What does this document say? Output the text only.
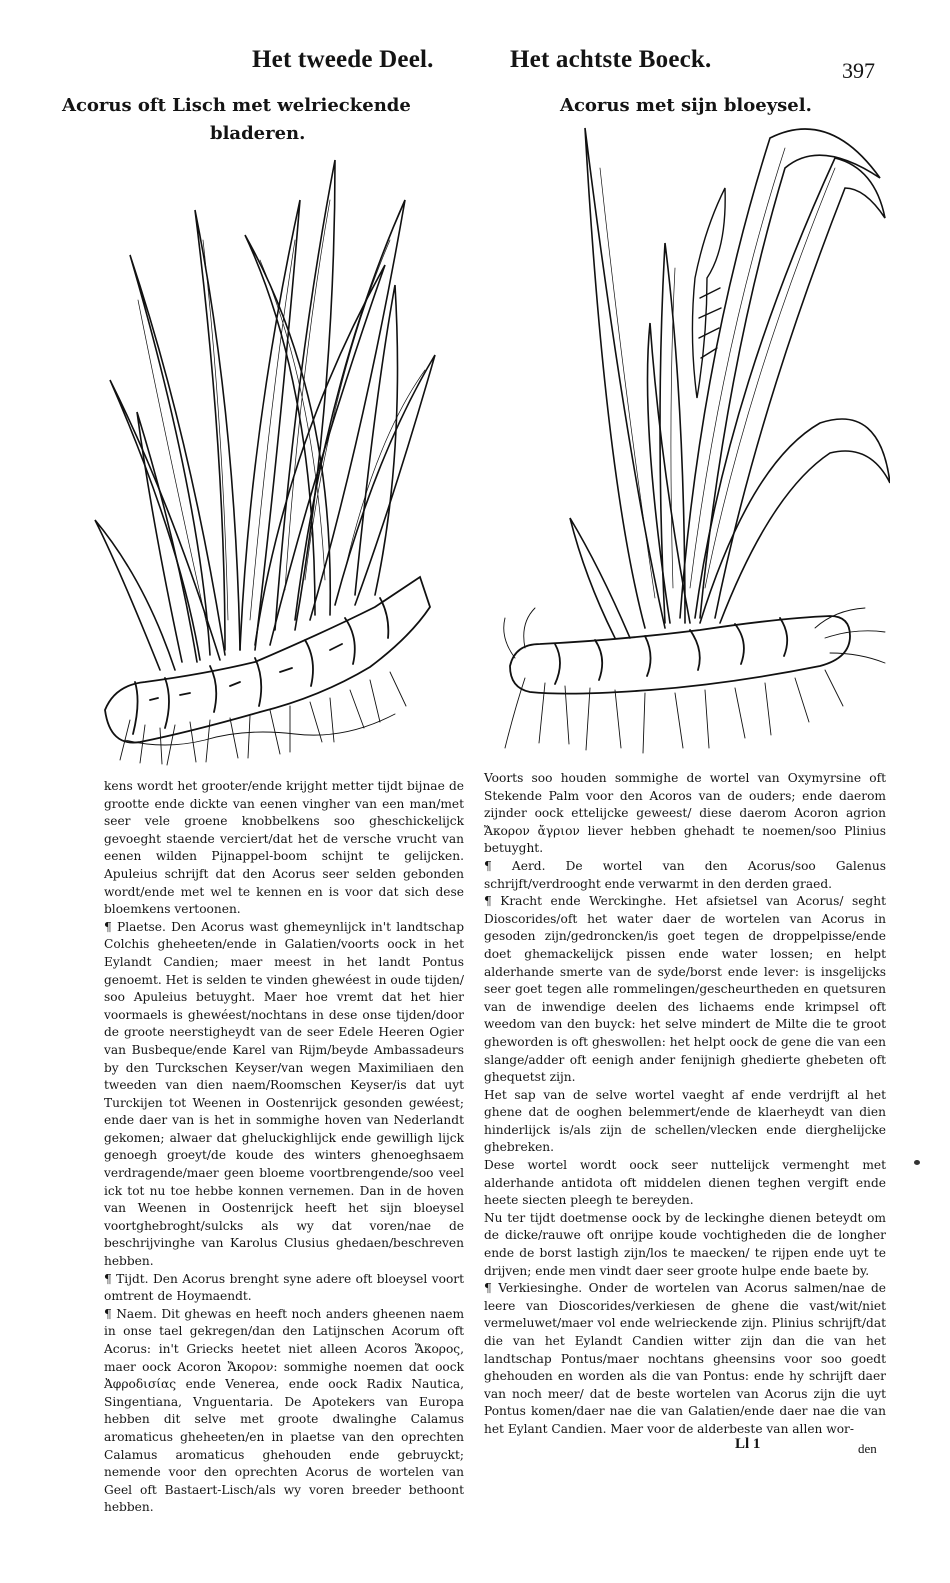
Het tweede Deel.	Het achtste Boeck.	397
Acorus oft Lisch met welrieckende
bladeren.
Acorus met sijn bloeysel.

kens wordt het grooter/ende krijght metter tijdt bijnae de grootte ende dickte van eenen vingher van een man/met seer vele groene knobbelkens soo gheschickelijck gevoeght staende verciert/dat het de versche vrucht van eenen wilden Pijnappel-boom schijnt te gelijcken. Apuleius schrijft dat den Acorus seer selden gebonden wordt/ende met wel te kennen en is voor dat sich dese bloemkens vertoonen.

¶ Plaetse. Den Acorus wast ghemeynlijck in't landtschap Colchis gheheeten/ende in Galatien/voorts oock in het Eylandt Candien; maer meest in het landt Pontus genoemt. Het is selden te vinden ghewéest in oude tijden/ soo Apuleius betuyght. Maer hoe vremt dat het hier voormaels is ghewéest/nochtans in dese onse tijden/door de groote neerstigheydt van de seer Edele Heeren Ogier van Busbeque/ende Karel van Rijm/beyde Ambassadeurs by den Turckschen Keyser/van wegen Maximiliaen den tweeden van dien naem/Roomschen Keyser/is dat uyt Turckijen tot Weenen in Oostenrijck gesonden gewéest; ende daer van is het in sommighe hoven van Nederlandt gekomen; alwaer dat gheluckighlijck ende gewilligh lijck genoegh groeyt/de koude des winters ghenoeghsaem verdragende/maer geen bloeme voortbrengende/soo veel ick tot nu toe hebbe konnen vernemen. Dan in de hoven van Weenen in Oostenrijck heeft het sijn bloeysel voortghebroght/sulcks als wy dat voren/nae de beschrijvinghe van Karolus Clusius ghedaen/beschreven hebben.

¶ Tijdt. Den Acorus brenght syne adere oft bloeysel voort omtrent de Hoymaendt.

¶ Naem. Dit ghewas en heeft noch anders gheenen naem in onse tael gekregen/dan den Latijnschen Acorum oft Acorus: in't Griecks heetet niet alleen Acoros Ἄκορος, maer oock Acoron Ἄκορον: sommighe noemen dat oock Ἀφροδισίας ende Venerea, ende oock Radix Nautica, Singentiana, Vnguentaria. De Apotekers van Europa hebben dit selve met groote dwalinghe Calamus aromaticus gheheeten/en in plaetse van den oprechten Calamus aromaticus ghehouden ende gebruyckt; nemende voor den oprechten Acorus de wortelen van Geel oft Bastaert-Lisch/als wy voren breeder bethoont hebben.

Voorts soo houden sommighe de wortel van Oxymyrsine oft Stekende Palm voor den Acoros van de ouders; ende daerom zijnder oock ettelijcke geweest/ diese daerom Acoron agrion Ἄκορον ἄγριον liever hebben ghehadt te noemen/soo Plinius betuyght.

¶ Aerd. De wortel van den Acorus/soo Galenus schrijft/verdrooght ende verwarmt in den derden graed.

¶ Kracht ende Werckinghe. Het afsietsel van Acorus/ seght Dioscorides/oft het water daer de wortelen van Acorus in gesoden zijn/gedroncken/is goet tegen de droppelpisse/ende doet ghemackelijck pissen ende water lossen; en helpt alderhande smerte van de syde/borst ende lever: is insgelijcks seer goet tegen alle rommelingen/gescheurtheden en quetsuren van de inwendige deelen des lichaems ende krimpsel oft weedom van den buyck: het selve mindert de Milte die te groot gheworden is oft gheswollen: het helpt oock de gene die van een slange/adder oft eenigh ander fenijnigh ghedierte ghebeten oft ghequetst zijn.

Het sap van de selve wortel vaeght af ende verdrijft al het ghene dat de ooghen belemmert/ende de klaerheydt van dien hinderlijck is/als zijn de schellen/vlecken ende dierghelijcke ghebreken.

Dese wortel wordt oock seer nuttelijck vermenght met alderhande antidota oft middelen dienen teghen vergift ende heete siecten pleegh te bereyden.

Nu ter tijdt doetmense oock by de leckinghe dienen beteydt om de dicke/rauwe oft onrijpe koude vochtigheden die de longher ende de borst lastigh zijn/los te maecken/ te rijpen ende uyt te drijven; ende men vindt daer seer groote hulpe ende baete by.

¶ Verkiesinghe. Onder de wortelen van Acorus salmen/nae de leere van Dioscorides/verkiesen de ghene die vast/wit/niet vermeluwet/maer vol ende welrieckende zijn. Plinius schrijft/dat die van het Eylandt Candien witter zijn dan die van het landtschap Pontus/maer nochtans gheensins voor soo goedt ghehouden en worden als die van Pontus: ende hy schrijft daer van noch meer/ dat de beste wortelen van Acorus zijn die uyt Pontus komen/daer nae die van Galatien/ende daer nae die van het Eylant Candien. Maer voor de alderbeste van allen wor-

Ll 1	den
